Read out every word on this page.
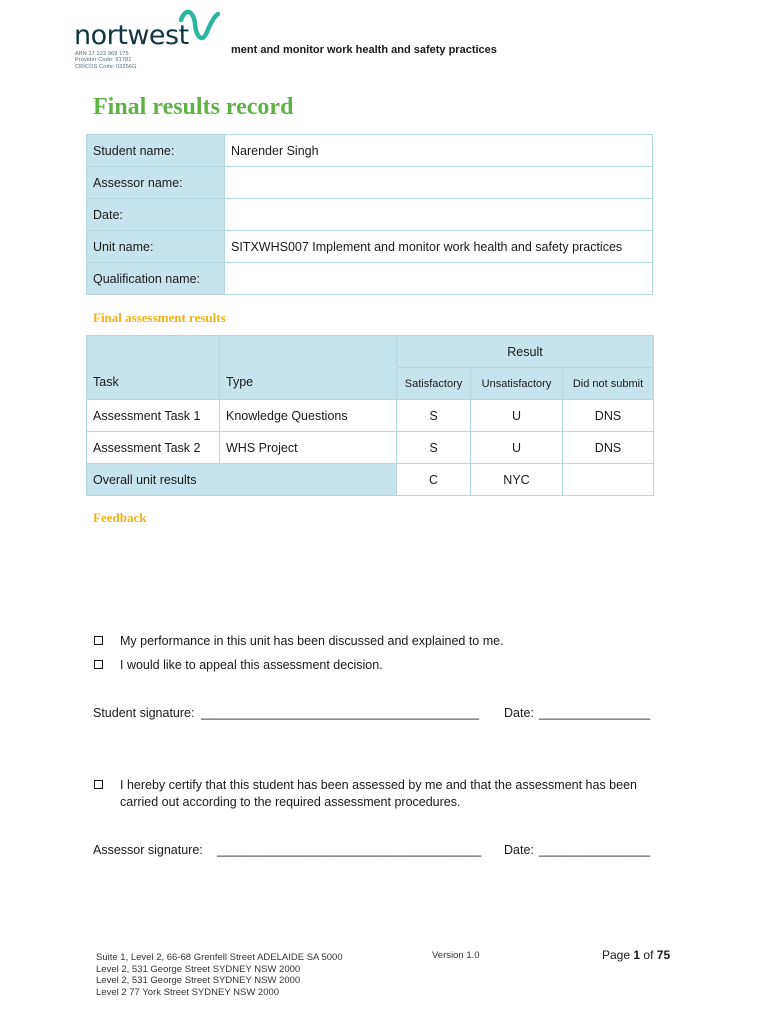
nortwest
ABN 17 123 969 175
Provider Code: 91781
CRICOS Code: 03256G
ment and monitor work health and safety practices
Final results record
Student name:	Narender Singh
Assessor name:	
Date:	
Unit name:	SITXWHS007 Implement and monitor work health and safety practices
Qualification name:	
Final assessment results
Task	Type	Result		
		Satisfactory	Unsatisfactory	Did not submit
Assessment Task 1	Knowledge Questions	S	U	DNS
Assessment Task 2	WHS Project	S	U	DNS
Overall unit results		C	NYC	
Feedback
My performance in this unit has been discussed and explained to me.
I would like to appeal this assessment decision.
Student signature: ________________________________________ Date: ________________
I hereby certify that this student has been assessed by me and that the assessment has been carried out according to the required assessment procedures.
Assessor signature: ______________________________________ Date: ________________
Suite 1, Level 2, 66-68 Grenfell Street ADELAIDE SA 5000
Level 2, 531 George Street SYDNEY NSW 2000
Level 2, 531 George Street SYDNEY NSW 2000
Level 2 77 York Street SYDNEY NSW 2000
Version 1.0	Page 1 of 75
